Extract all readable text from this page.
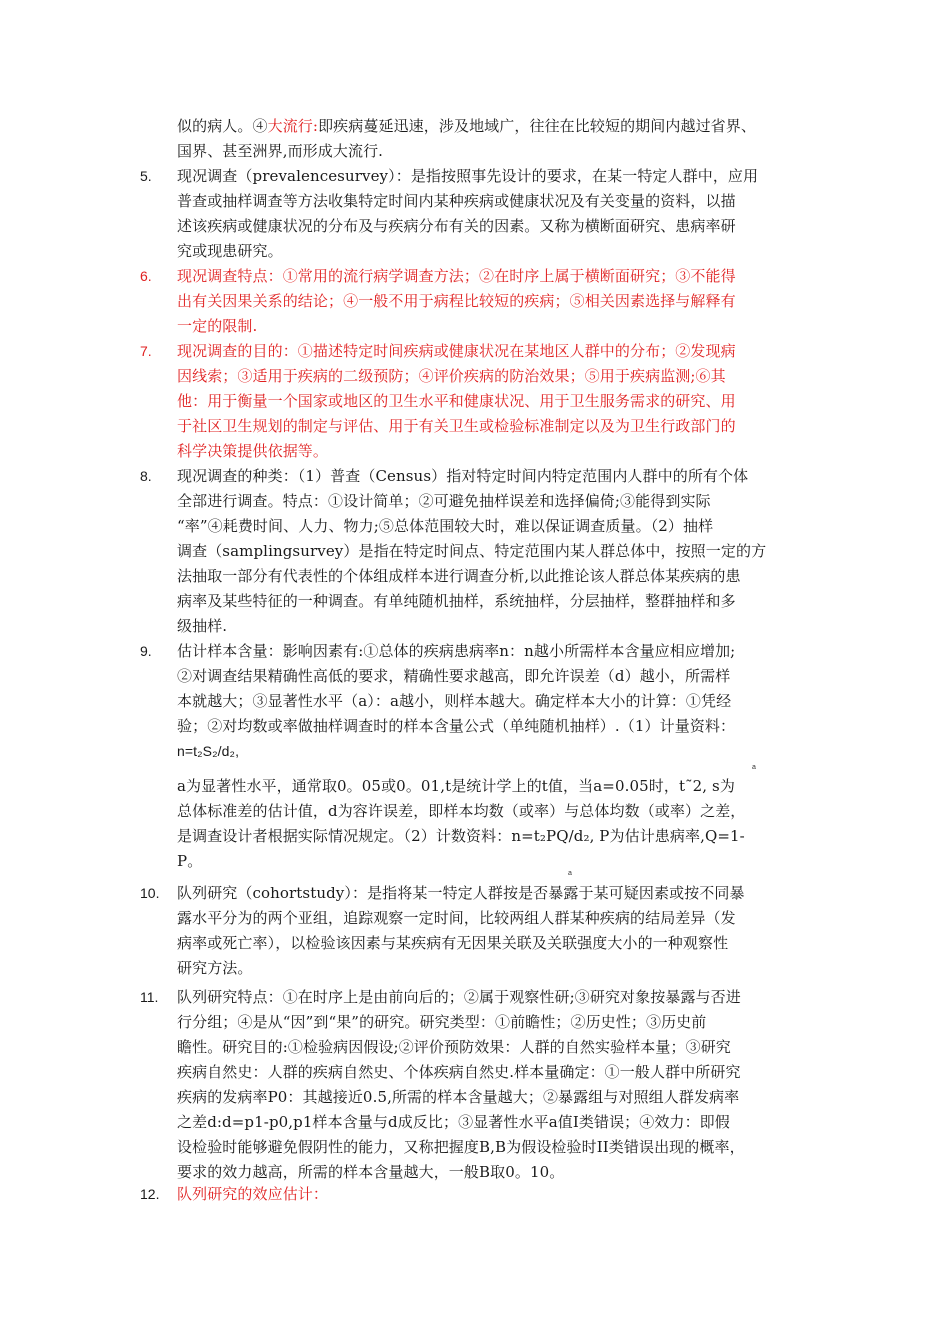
似的病人。④大流行:即疾病蔓延迅速，涉及地域广，往往在比较短的期间内越过省界、
国界、甚至洲界,而形成大流行.
5.	现况调查（prevalencesurvey）：是指按照事先设计的要求，在某一特定人群中，应用
普查或抽样调查等方法收集特定时间内某种疾病或健康状况及有关变量的资料，以描
述该疾病或健康状况的分布及与疾病分布有关的因素。又称为横断面研究、患病率研
究或现患研究。
6.	现况调查特点：①常用的流行病学调查方法；②在时序上属于横断面研究；③不能得
出有关因果关系的结论；④一般不用于病程比较短的疾病；⑤相关因素选择与解释有
一定的限制.
7.	现况调查的目的：①描述特定时间疾病或健康状况在某地区人群中的分布；②发现病
因线索；③适用于疾病的二级预防；④评价疾病的防治效果；⑤用于疾病监测;⑥其
他：用于衡量一个国家或地区的卫生水平和健康状况、用于卫生服务需求的研究、用
于社区卫生规划的制定与评估、用于有关卫生或检验标准制定以及为卫生行政部门的
科学决策提供依据等。
8.	现况调查的种类：（1）普查（Census）指对特定时间内特定范围内人群中的所有个体
全部进行调查。特点：①设计简单；②可避免抽样误差和选择偏倚;③能得到实际
“率”④耗费时间、人力、物力;⑤总体范围较大时，难以保证调查质量。（2）抽样
调查（samplingsurvey）是指在特定时间点、特定范围内某人群总体中，按照一定的方
法抽取一部分有代表性的个体组成样本进行调查分析,以此推论该人群总体某疾病的患
病率及某些特征的一种调查。有单纯随机抽样，系统抽样，分层抽样，整群抽样和多
级抽样.
9.	估计样本含量：影响因素有:①总体的疾病患病率n：n越小所需样本含量应相应增加;
②对调查结果精确性高低的要求，精确性要求越高，即允许误差（d）越小，所需样
本就越大；③显著性水平（a）：a越小，则样本越大。确定样本大小的计算：①凭经
验；②对均数或率做抽样调查时的样本含量公式（单纯随机抽样）.（1）计量资料：
n=t₂S₂/d₂,
a为显著性水平，通常取0。05或0。01,t是统计学上的t值，当a=0.05时，t˜2, s为
总体标准差的估计值，d为容许误差，即样本均数（或率）与总体均数（或率）之差，
是调查设计者根据实际情况规定。（2）计数资料：n=t₂PQ/d₂, P为估计患病率,Q=1-
P。
a
a
10.	队列研究（cohortstudy）：是指将某一特定人群按是否暴露于某可疑因素或按不同暴
露水平分为的两个亚组，追踪观察一定时间，比较两组人群某种疾病的结局差异（发
病率或死亡率），以检验该因素与某疾病有无因果关联及关联强度大小的一种观察性
研究方法。
11.	队列研究特点：①在时序上是由前向后的；②属于观察性研;③研究对象按暴露与否进
行分组；④是从“因”到“果”的研究。研究类型：①前瞻性；②历史性；③历史前
瞻性。研究目的:①检验病因假设;②评价预防效果：人群的自然实验样本量；③研究
疾病自然史：人群的疾病自然史、个体疾病自然史.样本量确定：①一般人群中所研究
疾病的发病率P0：其越接近0.5,所需的样本含量越大；②暴露组与对照组人群发病率
之差d:d=p1-p0,p1样本含量与d成反比；③显著性水平a值I类错误；④效力：即假
设检验时能够避免假阴性的能力，又称把握度B,B为假设检验时II类错误出现的概率，
要求的效力越高，所需的样本含量越大，一般B取0。10。
12.	队列研究的效应估计：
